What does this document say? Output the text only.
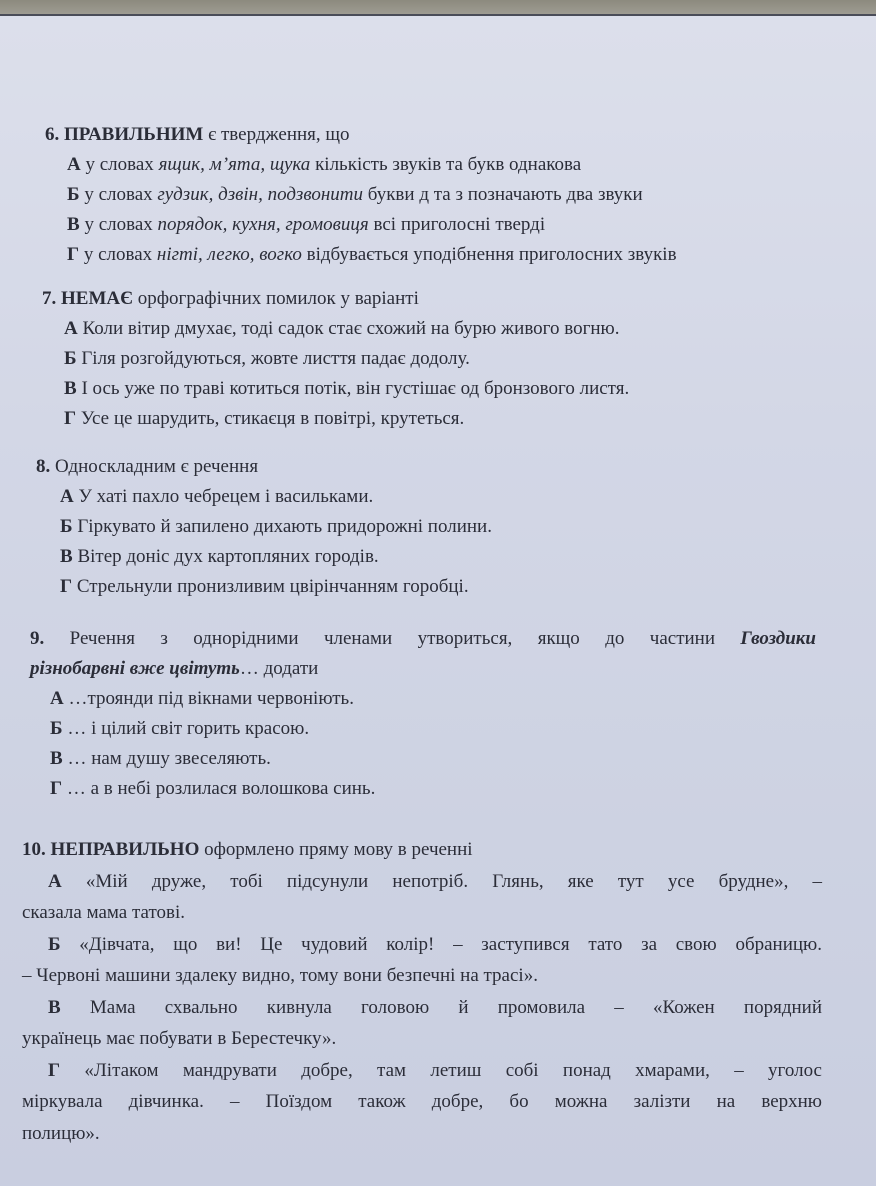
6. ПРАВИЛЬНИМ є твердження, що
А у словах ящик, м’ята, щука кількість звуків та букв однакова
Б у словах гудзик, дзвін, подзвонити букви д та з позначають два звуки
В у словах порядок, кухня, громовиця всі приголосні тверді
Г у словах нігті, легко, вогко відбувається уподібнення приголосних звуків
7. НЕМАЄ орфографічних помилок у варіанті
А Коли вітир дмухає, тоді садок стає схожий на бурю живого вогню.
Б Гіля розгойдуються, жовте лисття падає додолу.
В І ось уже по траві котиться потік, він густішає од бронзового листя.
Г Усе це шарудить, стикаєця в повітрі, крутеться.
8. Односкладним є речення
А У хаті пахло чебрецем і васильками.
Б Гіркувато й запилено дихають придорожні полини.
В Вітер доніс дух картопляних городів.
Г Стрельнули пронизливим цвірінчанням горобці.
9. Речення з однорідними членами утвориться, якщо до частини Гвоздики
різнобарвні вже цвітуть… додати
А …троянди під вікнами червоніють.
Б … і цілий світ горить красою.
В … нам душу звеселяють.
Г … а в небі розлилася волошкова синь.
10. НЕПРАВИЛЬНО оформлено пряму мову в реченні
А «Мій друже, тобі підсунули непотріб. Глянь, яке тут усе брудне», –
сказала мама татові.
Б «Дівчата, що ви! Це чудовий колір! – заступився тато за свою обраницю.
– Червоні машини здалеку видно, тому вони безпечні на трасі».
В Мама схвально кивнула головою й промовила – «Кожен порядний
українець має побувати в Берестечку».
Г «Літаком мандрувати добре, там летиш собі понад хмарами, – уголос
міркувала дівчинка. – Поїздом також добре, бо можна залізти на верхню
полицю».
